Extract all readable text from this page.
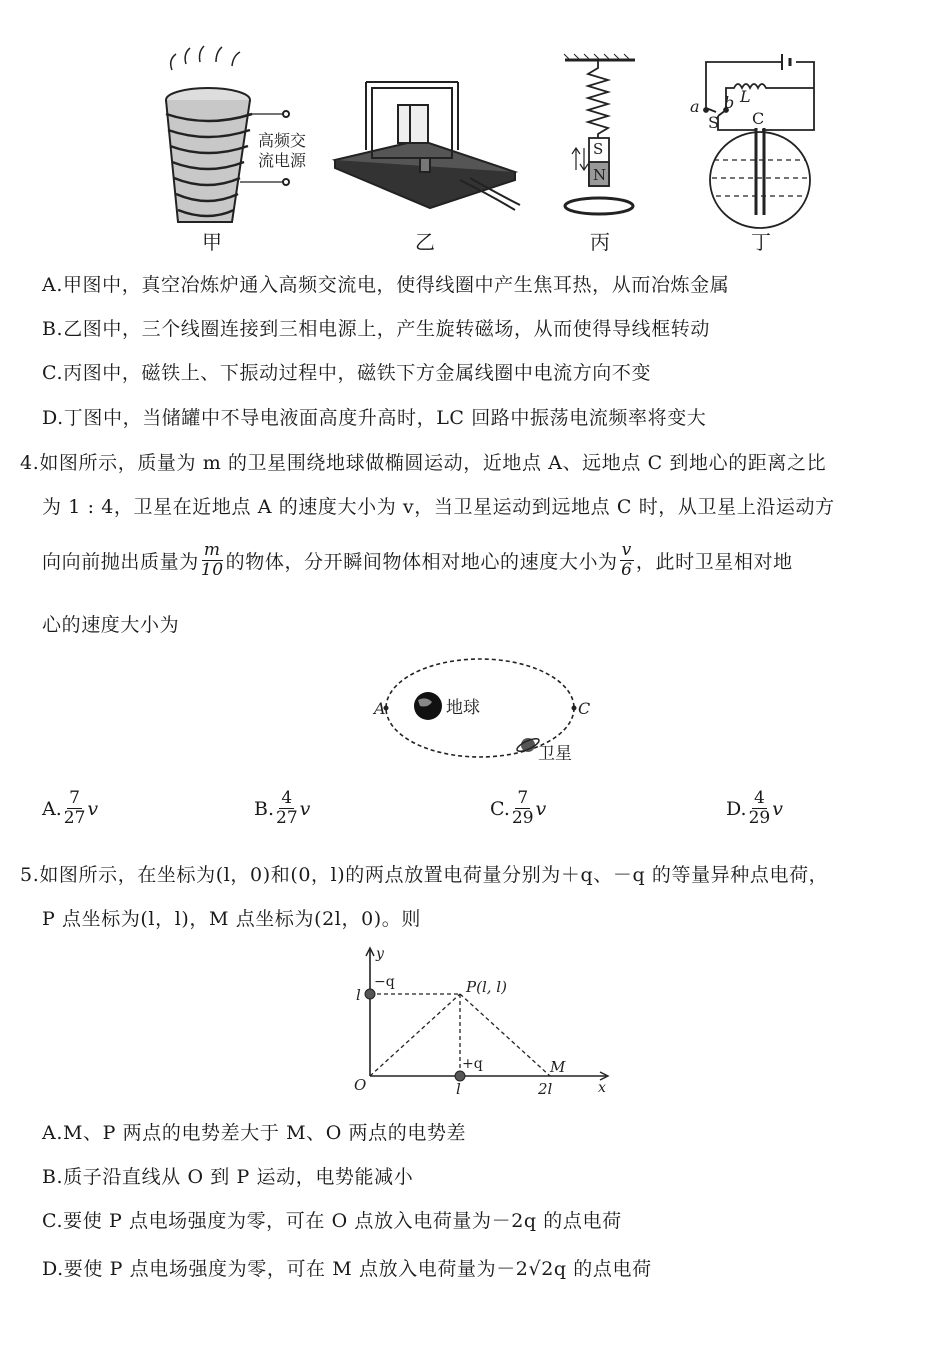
高频交
流电源
S
N
a b L
S C
甲	乙	丙	丁
A.甲图中，真空冶炼炉通入高频交流电，使得线圈中产生焦耳热，从而冶炼金属
B.乙图中，三个线圈连接到三相电源上，产生旋转磁场，从而使得导线框转动
C.丙图中，磁铁上、下振动过程中，磁铁下方金属线圈中电流方向不变
D.丁图中，当储罐中不导电液面高度升高时，LC 回路中振荡电流频率将变大
4.如图所示，质量为 m 的卫星围绕地球做椭圆运动，近地点 A、远地点 C 到地心的距离之比
为 1 : 4，卫星在近地点 A 的速度大小为 v，当卫星运动到远地点 C 时，从卫星上沿运动方
向向前抛出质量为 $\frac{m}{10}$ 的物体，分开瞬间物体相对地心的速度大小为 $\frac{v}{6}$ ，此时卫星相对地
心的速度大小为
A	C
地球
卫星
A. $\frac{7}{27}$ v	B. $\frac{4}{27}$ v	C. $\frac{7}{29}$ v	D. $\frac{4}{29}$ v
5.如图所示，在坐标为(l，0)和(0，l)的两点放置电荷量分别为＋q、－q 的等量异种点电荷，
P 点坐标为(l，l)，M 点坐标为(2l，0)。则
y
x
O
−q
+q
l
l	2l
P(l, l)
M
A.M、P 两点的电势差大于 M、O 两点的电势差
B.质子沿直线从 O 到 P 运动，电势能减小
C.要使 P 点电场强度为零，可在 O 点放入电荷量为－2q 的点电荷
D.要使 P 点电场强度为零，可在 M 点放入电荷量为－2√2q 的点电荷
